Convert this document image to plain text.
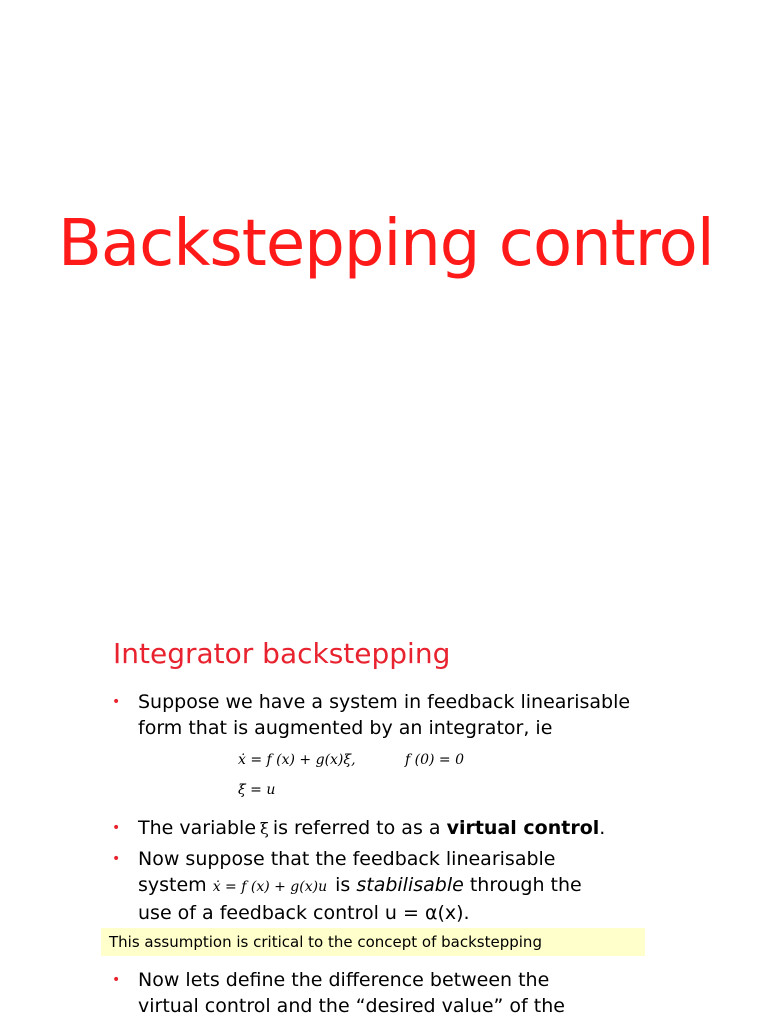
Backstepping control
Integrator backstepping
• Suppose we have a system in feedback linearisable
form that is augmented by an integrator, ie
ẋ = f (x) + g(x)ξ,	f (0) = 0
ξ̇ = u
• The variable ξ is referred to as a virtual control.
• Now suppose that the feedback linearisable
system ẋ = f (x) + g(x)u is stabilisable through the
use of a feedback control u = α(x).
This assumption is critical to the concept of backstepping
• Now lets define the difference between the
virtual control and the “desired value” of the
